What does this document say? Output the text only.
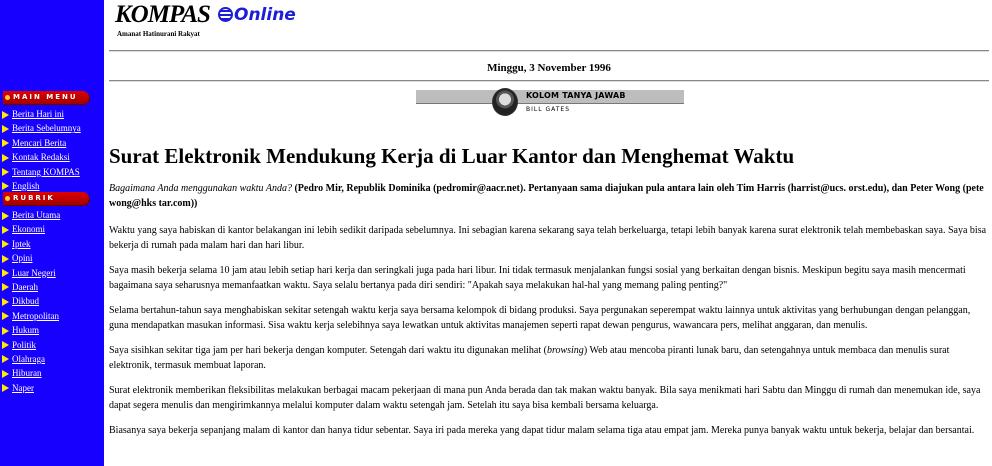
MAIN MENU
Berita Hari ini
Berita Sebelumnya
Mencari Berita
Kontak Redaksi
Tentang KOMPAS
English
RUBRIK
Berita Utama
Ekonomi
Iptek
Opini
Luar Negeri
Daerah
Dikbud
Metropolitan
Hukum
Politik
Olahraga
Hiburan
Naper
KOMPAS	Online
Amanat Hatinurani Rakyat
Minggu, 3 November 1996
KOLOM TANYA JAWAB
BILL GATES
Surat Elektronik Mendukung Kerja di Luar Kantor dan Menghemat Waktu

Bagaimana Anda menggunakan waktu Anda? (Pedro Mir, Republik Dominika (pedromir@aacr.net). Pertanyaan sama diajukan pula antara lain oleh Tim Harris (harrist@ucs. orst.edu), dan Peter Wong (pete wong@hks tar.com))

Waktu yang saya habiskan di kantor belakangan ini lebih sedikit daripada sebelumnya. Ini sebagian karena sekarang saya telah berkeluarga, tetapi lebih banyak karena surat elektronik telah membebaskan saya. Saya bisa bekerja di rumah pada malam hari dan hari libur.

Saya masih bekerja selama 10 jam atau lebih setiap hari kerja dan seringkali juga pada hari libur. Ini tidak termasuk menjalankan fungsi sosial yang berkaitan dengan bisnis. Meskipun begitu saya masih mencermati bagaimana saya seharusnya memanfaatkan waktu. Saya selalu bertanya pada diri sendiri: "Apakah saya melakukan hal-hal yang memang paling penting?"

Selama bertahun-tahun saya menghabiskan sekitar setengah waktu kerja saya bersama kelompok di bidang produksi. Saya pergunakan seperempat waktu lainnya untuk aktivitas yang berhubungan dengan pelanggan, guna mendapatkan masukan informasi. Sisa waktu kerja selebihnya saya lewatkan untuk aktivitas manajemen seperti rapat dewan pengurus, wawancara pers, melihat anggaran, dan menulis.

Saya sisihkan sekitar tiga jam per hari bekerja dengan komputer. Setengah dari waktu itu digunakan melihat (browsing) Web atau mencoba piranti lunak baru, dan setengahnya untuk membaca dan menulis surat elektronik, termasuk membuat laporan.

Surat elektronik memberikan fleksibilitas melakukan berbagai macam pekerjaan di mana pun Anda berada dan tak makan waktu banyak. Bila saya menikmati hari Sabtu dan Minggu di rumah dan menemukan ide, saya dapat segera menulis dan mengirimkannya melalui komputer dalam waktu setengah jam. Setelah itu saya bisa kembali bersama keluarga.

Biasanya saya bekerja sepanjang malam di kantor dan hanya tidur sebentar. Saya iri pada mereka yang dapat tidur malam selama tiga atau empat jam. Mereka punya banyak waktu untuk bekerja, belajar dan bersantai.
